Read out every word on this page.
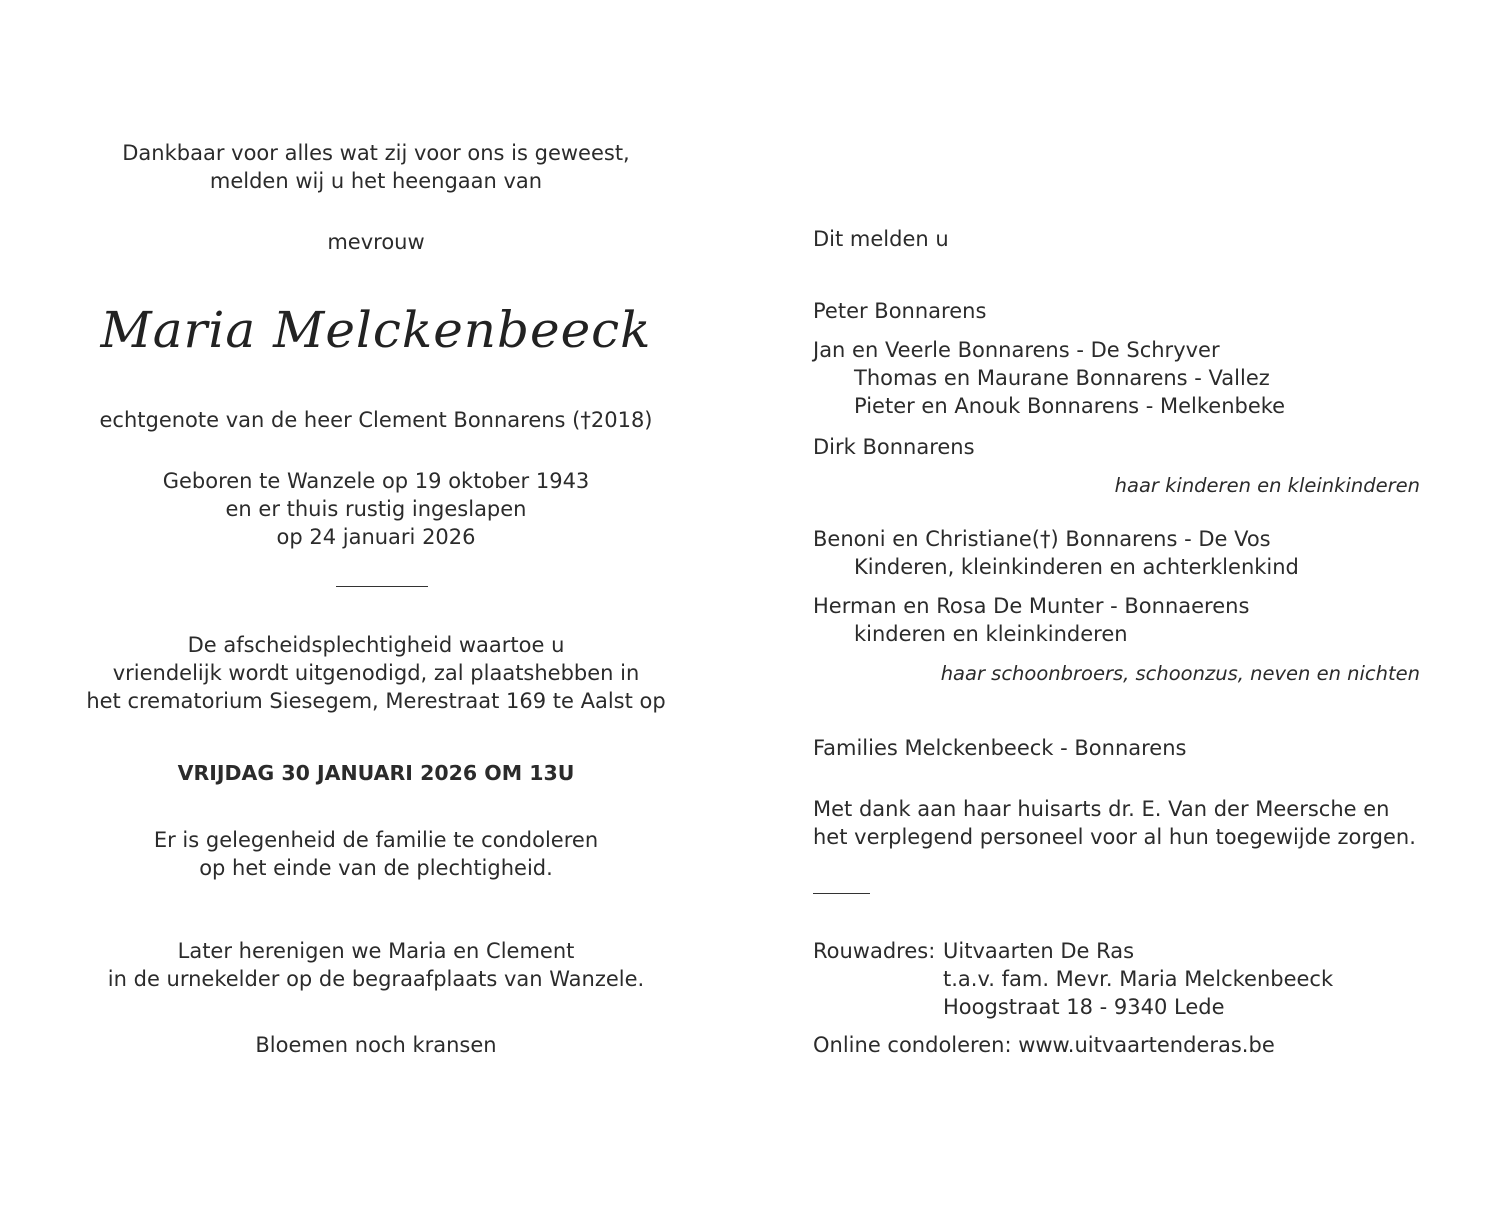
Dankbaar voor alles wat zij voor ons is geweest,
melden wij u het heengaan van
mevrouw
Maria Melckenbeeck
echtgenote van de heer Clement Bonnarens (†2018)
Geboren te Wanzele op 19 oktober 1943
en er thuis rustig ingeslapen
op 24 januari 2026
De afscheidsplechtigheid waartoe u
vriendelijk wordt uitgenodigd, zal plaatshebben in
het crematorium Siesegem, Merestraat 169 te Aalst op
VRIJDAG 30 JANUARI 2026 OM 13U
Er is gelegenheid de familie te condoleren
op het einde van de plechtigheid.
Later herenigen we Maria en Clement
in de urnekelder op de begraafplaats van Wanzele.
Bloemen noch kransen
Dit melden u
Peter Bonnarens
Jan en Veerle Bonnarens - De Schryver
Thomas en Maurane Bonnarens - Vallez
Pieter en Anouk Bonnarens - Melkenbeke
Dirk Bonnarens
haar kinderen en kleinkinderen
Benoni en Christiane(†) Bonnarens - De Vos
Kinderen, kleinkinderen en achterklenkind
Herman en Rosa De Munter - Bonnaerens
kinderen en kleinkinderen
haar schoonbroers, schoonzus, neven en nichten
Families Melckenbeeck - Bonnarens
Met dank aan haar huisarts dr. E. Van der Meersche en
het verplegend personeel voor al hun toegewijde zorgen.
Rouwadres: Uitvaarten De Ras
t.a.v. fam. Mevr. Maria Melckenbeeck
Hoogstraat 18 - 9340 Lede
Online condoleren: www.uitvaartenderas.be
